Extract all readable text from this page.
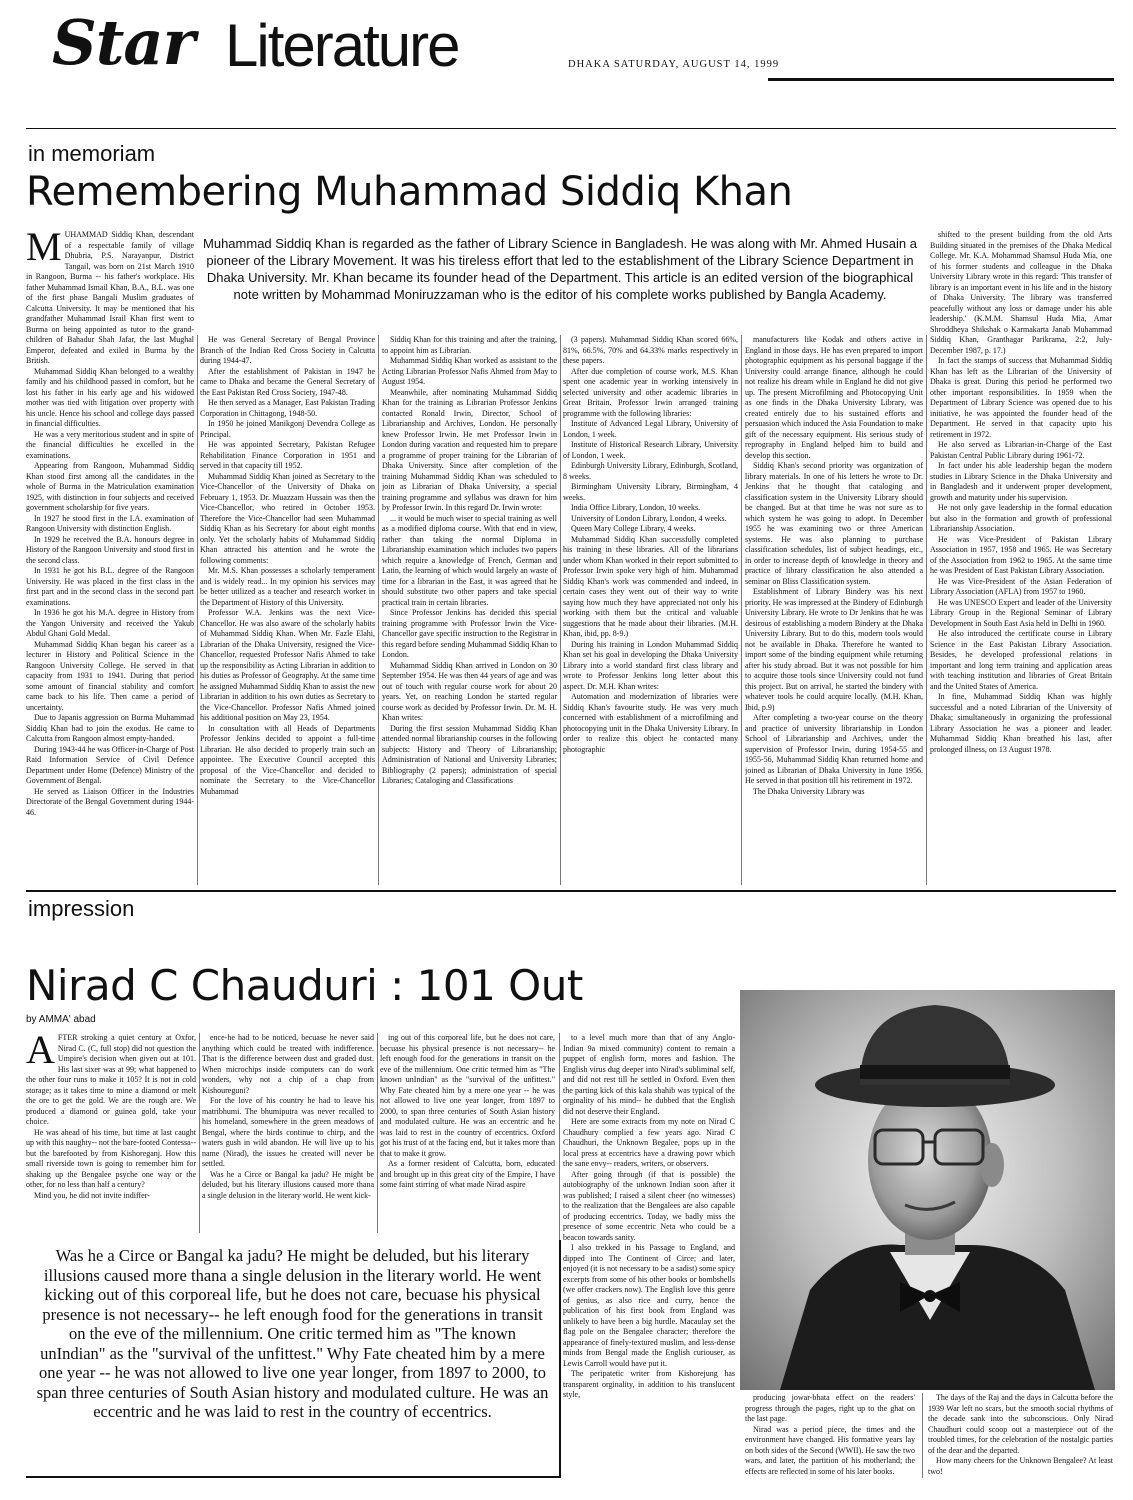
Star Literature	DHAKA SATURDAY, AUGUST 14, 1999
in memoriam
Remembering Muhammad Siddiq Khan
Muhammad Siddiq Khan is regarded as the father of Library Science in Bangladesh. He was along with Mr. Ahmed Husain a pioneer of the Library Movement. It was his tireless effort that led to the establishment of the Library Science Department in Dhaka University. Mr. Khan became its founder head of the Department. This article is an edited version of the biographical note written by Mohammad Moniruzzaman who is the editor of his complete works published by Bangla Academy.

MUHAMMAD Siddiq Khan, descendant of a respectable family of village Dhubria, P.S. Narayanpur, District Tangail, was born on 21st March 1910 in Rangoon, Burma -- his father's workplace. His father Muhammad Ismail Khan, B.A., B.L. was one of the first phase Bangali Muslim graduates of Calcutta University. It may be mentioned that his grandfather Muhammad Israil Khan first went to Burma on being appointed as tutor to the grand-children of Bahadur Shah Jafar, the last Mughal Emperor, defeated and exiled in Burma by the British.

Muhammad Siddiq Khan belonged to a wealthy family and his childhood passed in comfort, but he lost his father in his early age and his widowed mother was tied with litigation over property with his uncle. Hence his school and college days passed in financial difficulties.

He was a very meritorious student and in spite of the financial difficulties he excelled in the examinations.

Appearing from Rangoon, Muhammad Siddiq Khan stood first among all the candidates in the whole of Burma in the Matriculation examination 1925, with distinction in four subjects and received government scholarship for five years.

In 1927 he stood first in the I.A. examination of Rangoon University with distinction English.

In 1929 he received the B.A. honours degree in History of the Rangoon University and stood first in the second class.

In 1931 he got his B.L. degree of the Rangoon University. He was placed in the first class in the first part and in the second class in the second part examinations.

In 1936 he got his M.A. degree in History from the Yangon University and received the Yakub Abdul Ghani Gold Medal.

Muhammad Siddiq Khan began his career as a lecturer in History and Political Science in the Rangoon University College. He served in that capacity from 1931 to 1941. During that period some amount of financial stability and comfort came back to his life. Then came a period of uncertainty.

Due to Japanis aggression on Burma Muhammad Siddiq Khan had to join the exodus. He came to Calcutta from Rangoon almost empty-handed.

During 1943-44 he was Officer-in-Charge of Post Raid Information Service of Civil Defence Department under Home (Defence) Ministry of the Government of Bengal.

He served as Liaison Officer in the Industries Directorate of the Bengal Government during 1944-46.

He was General Secretary of Bengal Province Branch of the Indian Red Cross Society in Calcutta during 1944-47.

After the establishment of Pakistan in 1947 he came to Dhaka and became the General Secretary of the East Pakistan Red Cross Society, 1947-48.

He then served as a Manager, East Pakistan Trading Corporation in Chittagong, 1948-50.

In 1950 he joined Manikgonj Devendra College as Principal.

He was appointed Secretary, Pakistan Refugee Rehabilitation Finance Corporation in 1951 and served in that capacity till 1952.

Muhammad Siddiq Khan joined as Secretary to the Vice-Chancellor of the University of Dhaka on February 1, 1953. Dr. Muazzam Hussain was then the Vice-Chancellor, who retired in October 1953. Therefore the Vice-Chancellor had seen Muhammad Siddiq Khan as his Secretary for about eight months only. Yet the scholarly habits of Muhammad Siddiq Khan attracted his attention and he wrote the following comments:

Mr. M.S. Khan possesses a scholarly temperament and is widely read... In my opinion his services may be better utilized as a teacher and research worker in the Department of History of this University.

Professor W.A. Jenkins was the next Vice-Chancellor. He was also aware of the scholarly habits of Muhammad Siddiq Khan. When Mr. Fazle Elahi, Librarian of the Dhaka University, resigned the Vice-Chancellor, requested Professor Nafis Ahmed to take up the responsibility as Acting Librarian in addition to his duties as Professor of Geography. At the same time he assigned Muhammad Siddiq Khan to assist the new Librarian in addition to his own duties as Secretary to the Vice-Chancellor. Professor Nafis Ahmed joined his additional position on May 23, 1954.

In consultation with all Heads of Departments Professor Jenkins decided to appoint a full-time Librarian. He also decided to properly train such an appointee. The Executive Council accepted this proposal of the Vice-Chancellor and decided to nominate the Secretary to the Vice-Chancellor Muhammad

Siddiq Khan for this training and after the training, to appoint him as Librarian.

Muhammad Siddiq Khan worked as assistant to the Acting Librarian Professor Nafis Ahmed from May to August 1954.

Meanwhile, after nominating Muhammad Siddiq Khan for the training as Librarian Professor Jenkins contacted Ronald Irwin, Director, School of Librarianship and Archives, London. He personally knew Professor Irwin. He met Professor Irwin in London during vacation and requested him to prepare a programme of proper training for the Librarian of Dhaka University. Since after completion of the training Muhammad Siddiq Khan was scheduled to join as Librarian of Dhaka University, a special training programme and syllabus was drawn for him by Professor Irwin. In this regard Dr. Irwin wrote:

... it would be much wiser to special training as well as a modified diploma course. With that end in view, rather than taking the normal Diploma in Librarianship examination which includes two papers which require a knowledge of French, German and Latin, the learning of which would largely an waste of time for a librarian in the East, it was agreed that he should substitute two other papers and take special practical train in certain libraries.

Since Professor Jenkins has decided this special training programme with Professor Irwin the Vice-Chancellor gave specific instruction to the Registrar in this regard before sending Muhammad Siddiq Khan to London.

Muhammad Siddiq Khan arrived in London on 30 September 1954. He was then 44 years of age and was out of touch with regular course work for about 20 years. Yet, on reaching London he started regular course work as decided by Professor Irwin. Dr. M. H. Khan writes:

During the first session Muhammad Siddiq Khan attended normal librarianship courses in the following subjects: History and Theory of Librarianship; Administration of National and University Libraries; Bibliography (2 papers); administration of special Libraries; Cataloging and Classifications

(3 papers). Muhammad Siddiq Khan scored 66%, 81%, 66.5%, 70% and 64.33% marks respectively in these papers.

After due completion of course work, M.S. Khan spent one academic year in working intensively in selected university and other academic libraries in Great Britain. Professor Irwin arranged training programme with the following libraries:

Institute of Advanced Legal Library, University of London, 1 week.

Institute of Historical Research Library, University of London, 1 week.

Edinburgh University Library, Edinburgh, Scotland, 8 weeks.

Birmingham University Library, Birmingham, 4 weeks.

India Office Library, London, 10 weeks.

University of London Library, London, 4 weeks.

Queen Mary College Library, 4 weeks.

Muhammad Siddiq Khan successfully completed his training in these libraries. All of the librarians under whom Khan worked in their report submitted to Professor Irwin spoke very high of him. Muhammad Siddiq Khan's work was commended and indeed, in certain cases they went out of their way to write saying how much they have appreciated not only his working with them but the critical and valuable suggestions that he made about their libraries. (M.H. Khan, ibid, pp. 8-9.)

During his training in London Muhammad Siddiq Khan set his goal in developing the Dhaka University Library into a world standard first class library and wrote to Professor Jenkins long letter about this aspect. Dr. M.H. Khan writes:

Automation and modernization of libraries were Siddiq Khan's favourite study. He was very much concerned with establishment of a microfilming and photocopying unit in the Dhaka University Library. In order to realize this object he contacted many photographic

manufacturers like Kodak and others active in England in those days. He has even prepared to import photographic equipment as his personal baggage if the University could arrange finance, although he could not realize his dream while in England he did not give up. The present Microfilming and Photocopying Unit as one finds in the Dhaka University Library, was created entirely due to his sustained efforts and persuasion which induced the Asia Foundation to make gift of the necessary equipment. His serious study of reprography in England helped him to build and develop this section.

Siddiq Khan's second priority was organization of library materials. In one of his letters he wrote to Dr. Jenkins that he thought that cataloging and classification system in the University Library should be changed. But at that time he was not sure as to which system he was going to adopt. In December 1955 he was examining two or three American systems. He was also planning to purchase classification schedules, list of subject headings, etc., in order to increase depth of knowledge in theory and practice of library classification he also attended a seminar on Bliss Classification system.

Establishment of Library Bindery was his next priority. He was impressed at the Bindery of Edinburgh University Library. He wrote to Dr Jenkins that he was desirous of establishing a modern Bindery at the Dhaka University Library. But to do this, modern tools would not be available in Dhaka. Therefore he wanted to import some of the binding equipment while returning after his study abroad. But it was not possible for him to acquire those tools since University could not fund this project. But on arrival, he started the bindery with whatever tools he could acquire locally. (M.H. Khan, Ibid, p.9)

After completing a two-year course on the theory and practice of university librarianship in London School of Librarianship and Archives, under the supervision of Professor Irwin, during 1954-55 and 1955-56, Muhammad Siddiq Khan returned home and joined as Librarian of Dhaka University in June 1956. He served in that position till his retirement in 1972.

The Dhaka University Library was

shifted to the present building from the old Arts Building situated in the premises of the Dhaka Medical College. Mr. K.A. Mohammad Shamsul Huda Mia, one of his former students and colleague in the Dhaka University Library wrote in this regard: 'This transfer of library is an important event in his life and in the history of Dhaka University. The library was transferred peacefully without any loss or damage under his able leadership.' (K.M.M. Shamsul Huda Mia, Amar Shroddheya Shikshak o Karmakarta Janab Muhammad Siddiq Khan, Granthagar Parikrama, 2:2, July-December 1987, p. 17.)

In fact the stamps of success that Muhammad Siddiq Khan has left as the Librarian of the University of Dhaka is great. During this period he performed two other important responsibilities. In 1959 when the Department of Library Science was opened due to his initiative, he was appointed the founder head of the Department. He served in that capacity upto his retirement in 1972.

He also served as Librarian-in-Charge of the East Pakistan Central Public Library during 1961-72.

In fact under his able leadership began the modern studies in Library Science in the Dhaka University and in Bangladesh and it underwent proper development, growth and maturity under his supervision.

He not only gave leadership in the formal education but also in the formation and growth of professional Librarianship Association.

He was Vice-President of Pakistan Library Association in 1957, 1958 and 1965. He was Secretary of the Association from 1962 to 1965. At the same time he was President of East Pakistan Library Association.

He was Vice-President of the Asian Federation of Library Association (AFLA) from 1957 to 1960.

He was UNESCO Expert and leader of the University Library Group in the Regional Seminar of Library Development in South East Asia held in Delhi in 1960.

He also introduced the certificate course in Library Science in the East Pakistan Library Association. Besides, he developed professional relations in important and long term training and application areas with teaching institution and libraries of Great Britain and the United States of America.

In fine, Muhammad Siddiq Khan was highly successful and a noted Librarian of the University of Dhaka; simultaneously in organizing the professional Library Association he was a pioneer and leader. Muhammad Siddiq Khan breathed his last, after prolonged illness, on 13 August 1978.

impression
Nirad C Chauduri : 101 Out
by AMMA' abad

AFTER stroking a quiet century at Oxfor, Nirad C. (C, full stop) did not question the Umpire's decision when given out at 101. His last sixer was at 99; what happened to the other four runs to make it 105? It is not in cold storage; as it takes time to mine a diamond or melt the ore to get the gold. We are the rough are. We produced a diamond or guinea gold, take your choice.

He was ahead of his time, but time at last caught up with this naughty-- not the bare-footed Contessa--but the barefooted by from Kishoreganj. How this small riverside town is going to remember him for shaking up the Bengalee psyche one way or the other, for no less than half a century?

Mind you, he did not invite indiffer-

ence-he had to be noticed, becuase he never said anything which could be treated with indifference. That is the difference between dust and graded dust. When microchips inside computers can do work wonders, why not a chip of a chap from Kishoureguni?

For the love of his country he had to leave his matribhumi. The bhumiputra was never recalled to his homeland, somewhere in the green meadows of Bengal, where the birds continue to chirp, and the waters gush in wild abandon. He will live up to his name (Nirad), the issues he created will never be settled.

Was he a Circe or Bangal ka jadu? He might be deluded, but his literary illusions caused more thana a single delusion in the literary world. He went kick-

ing out of this corporeal life, but he does not care, becuase his physical presence is not necessary-- he left enough food for the generations in transit on the eve of the millennium. One critic termed him as "The known unIndian" as the "survival of the unfittest." Why Fate cheated him by a mere one year -- he was not allowed to live one year longer, from 1897 to 2000, to span three centuries of South Asian history and modulated culture. He was an eccentric and he was laid to rest in the country of eccentrics. Oxford got his trust of at the facing end, but it takes more than that to make it grow.

As a former resident of Calcutta, born, educated and brought up in this great city of the Empire, I have some faint stirring of what made Nirad aspire

to a level much more than that of any Anglo-Indian 9a mixed community) content to remain a puppet of english form, mores and fashion. The English virus dug deeper into Nirad's subliminal self, and did not rest till he settled in Oxford. Even then the parting kick of this kala shahib was typical of the orginality of his mind-- he dubbed that the English did not deserve their England.

Here are some extracts from my note on Nirad C Chaudhury complied a few years ago. Nirad C Chaudhuri, the Unknown Begalee, pops up in the local press at eccentrics have a drawing powr which the sane envy-- readers, writers, or observers.

After going through (if that is possible) the autobiography of the unknown Indian soon after it was published; I raised a silent cheer (no witnesses) to the realization that the Bengalees are also capable of producing eccentrics. Today, we badly miss the presence of some eccentric Neta who could be a beacon towards sanity.

I also trekked in his Passage to England, and dipped into The Continent of Circe; and later, enjoyed (it is not necessary to be a sadist) some spicy excerpts from some of his other books or bombshells (we offer crackers now). The English love this genre of genius, as also rice and curry, hence the publication of his first book from England was unlikely to have been a big hurdle. Macaulay set the flag pole on the Bengalee character; therefore the appearance of finely-textured muslim, and less-dense minds from Bengal made the English curiouser, as Lewis Carroll would have put it.

The peripatetic writer from Kishorejung has transparent orginality, in addition to his translucent style,	producing jowar-bhata effect on the readers' progress through the pages, right up to the ghat on the last page.

Nirad was a period piece, the times and the environment have changed. His formative years lay on both sides of the Second (WWII). He saw the two wars, and later, the partition of his motherland; the effects are reflected in some of his later books.

The days of the Raj and the days in Calcutta before the 1939 War left no scars, but the smooth social rhythms of the decade sank into the subconscious. Only Nirad Chaudhuri could scoop out a masterpiece out of the troubled times, for the celebration of the nostalgic parties of the dear and the departed.

How many cheers for the Unknown Bengalee? At least two!

Was he a Circe or Bangal ka jadu? He might be deluded, but his literary illusions caused more thana a single delusion in the literary world. He went kicking out of this corporeal life, but he does not care, becuase his physical presence is not necessary-- he left enough food for the generations in transit on the eve of the millennium. One critic termed him as "The known unIndian" as the "survival of the unfittest." Why Fate cheated him by a mere one year -- he was not allowed to live one year longer, from 1897 to 2000, to span three centuries of South Asian history and modulated culture. He was an eccentric and he was laid to rest in the country of eccentrics.
